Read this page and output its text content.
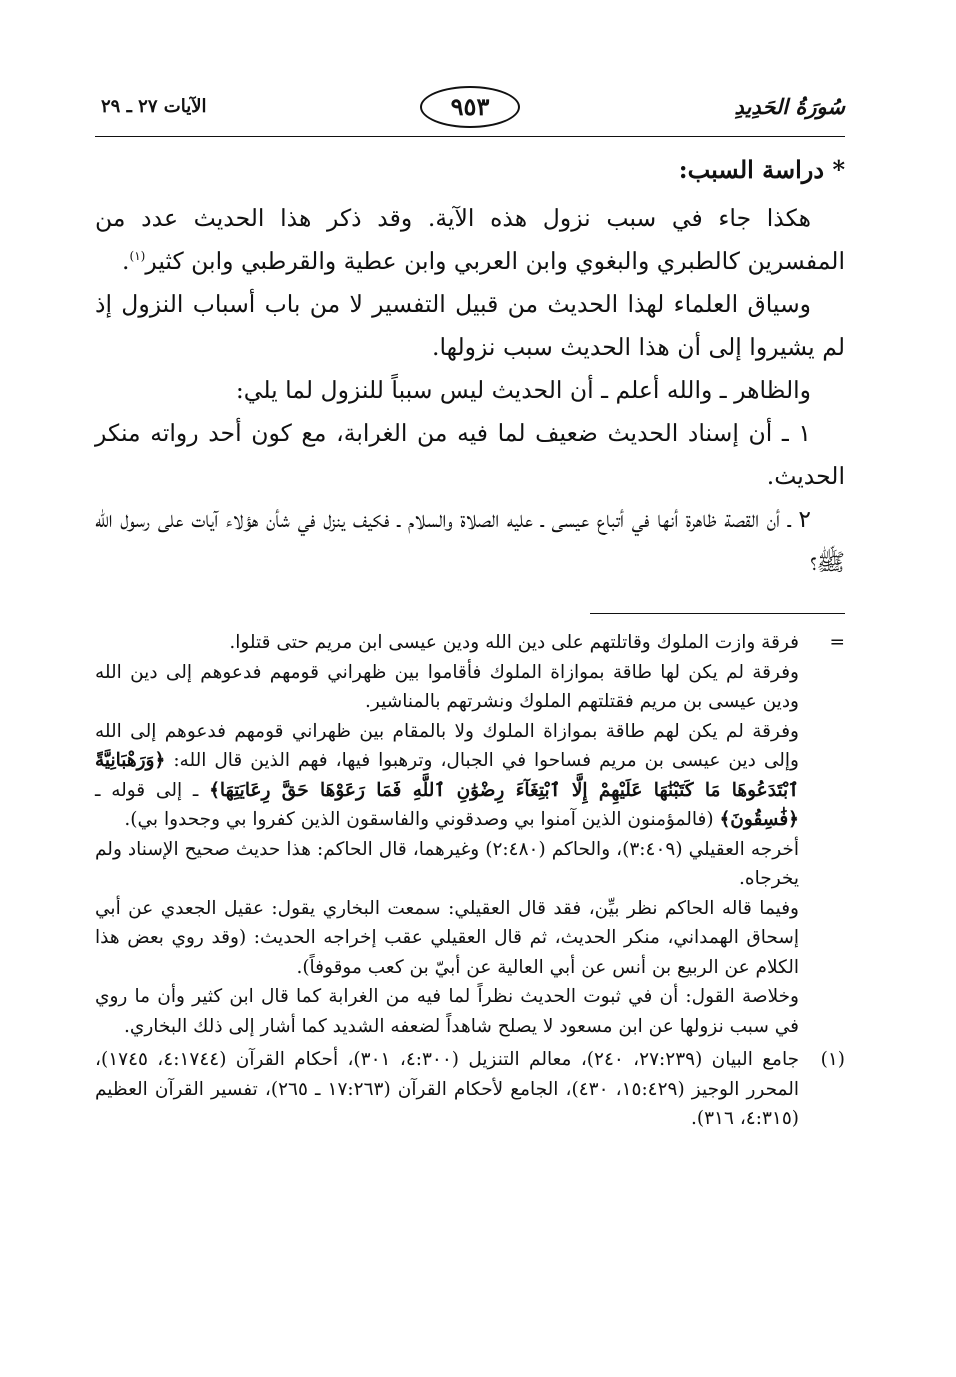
سُورَةُ الحَدِيدِ
٩٥٣
الآيات ٢٧ ـ ٢٩
* دراسة السبب:

هكذا جاء في سبب نزول هذه الآية. وقد ذكر هذا الحديث عدد من المفسرين كالطبري والبغوي وابن العربي وابن عطية والقرطبي وابن كثير$^{(١)}$.

وسياق العلماء لهذا الحديث من قبيل التفسير لا من باب أسباب النزول إذ لم يشيروا إلى أن هذا الحديث سبب نزولها.

والظاهر ـ والله أعلم ـ أن الحديث ليس سبباً للنزول لما يلي:

١ ـ أن إسناد الحديث ضعيف لما فيه من الغرابة، مع كون أحد رواته منكر الحديث.

٢ ـ أن القصة ظاهرة أنها في أتباع عيسى ـ عليه الصلاة والسلام ـ فكيف ينزل في شأن هؤلاء آيات على رسول الله ﷺ؟

=
فرقة وازت الملوك وقاتلتهم على دين الله ودين عيسى ابن مريم حتى قتلوا.
وفرقة لم يكن لها طاقة بموازاة الملوك فأقاموا بين ظهراني قومهم فدعوهم إلى دين الله ودين عيسى بن مريم فقتلتهم الملوك ونشرتهم بالمناشير.
وفرقة لم يكن لهم طاقة بموازاة الملوك ولا بالمقام بين ظهراني قومهم فدعوهم إلى الله وإلى دين عيسى بن مريم فساحوا في الجبال، وترهبوا فيها، فهم الذين قال الله: ﴿وَرَهْبَانِيَّةً ٱبْتَدَعُوهَا مَا كَتَبْنَٰهَا عَلَيْهِمْ إِلَّا ٱبْتِغَآءَ رِضْوَٰنِ ٱللَّهِ فَمَا رَعَوْهَا حَقَّ رِعَايَتِهَا﴾ ـ إلى قوله ـ ﴿فَٰسِقُونَ﴾ (فالمؤمنون الذين آمنوا بي وصدقوني والفاسقون الذين كفروا بي وجحدوا بي).
أخرجه العقيلي (٣:٤٠٩)، والحاكم (٢:٤٨٠) وغيرهما، قال الحاكم: هذا حديث صحيح الإسناد ولم يخرجاه.
وفيما قاله الحاكم نظر بيِّن، فقد قال العقيلي: سمعت البخاري يقول: عقيل الجعدي عن أبي إسحاق الهمداني، منكر الحديث، ثم قال العقيلي عقب إخراجه الحديث: (وقد روي بعض هذا الكلام عن الربيع بن أنس عن أبي العالية عن أبيّ بن كعب موقوفاً).
وخلاصة القول: أن في ثبوت الحديث نظراً لما فيه من الغرابة كما قال ابن كثير وأن ما روي في سبب نزولها عن ابن مسعود لا يصلح شاهداً لضعفه الشديد كما أشار إلى ذلك البخاري.
(١)
جامع البيان (٢٧:٢٣٩، ٢٤٠)، معالم التنزيل (٤:٣٠٠، ٣٠١)، أحكام القرآن (٤:١٧٤٤، ١٧٤٥)، المحرر الوجيز (١٥:٤٢٩، ٤٣٠)، الجامع لأحكام القرآن (١٧:٢٦٣ ـ ٢٦٥)، تفسير القرآن العظيم (٤:٣١٥، ٣١٦).
